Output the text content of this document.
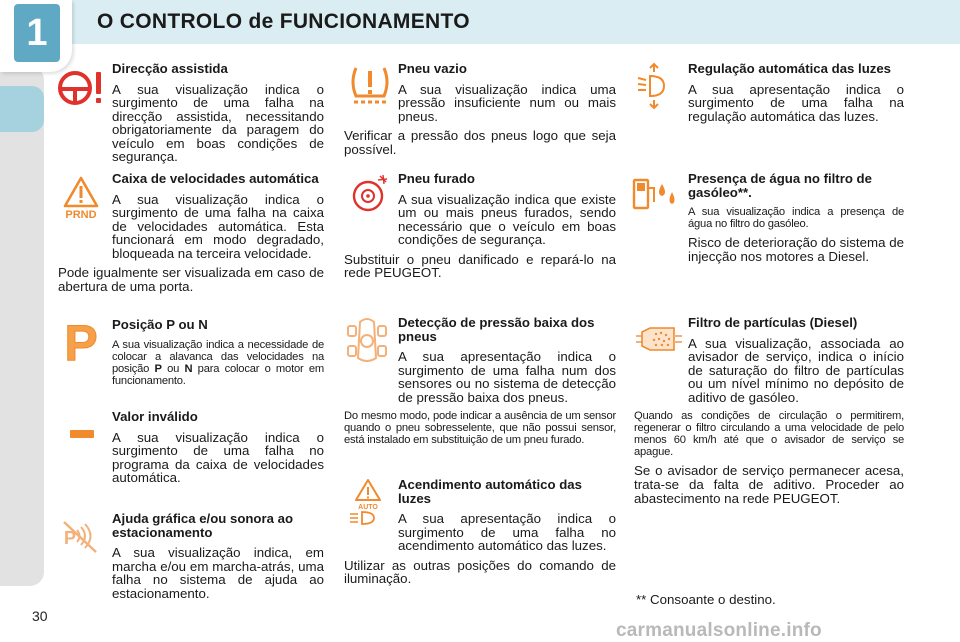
1	O CONTROLO de FUNCIONAMENTO
Direcção assistida

A sua visualização indica o surgimento de uma falha na direcção assistida, necessitando obrigatoriamente da paragem do veículo em boas condições de segurança.

PRND
Caixa de velocidades automática

A sua visualização indica o surgimento de uma falha na caixa de velocidades automática. Esta funcionará em modo degradado, bloqueada na terceira velocidade.

Pode igualmente ser visualizada em caso de abertura de uma porta.

P	Posição P ou N

A sua visualização indica a necessidade de colocar a alavanca das velocidades na posição P ou N para colocar o motor em funcionamento.

Valor inválido

A sua visualização indica o surgimento de uma falha no programa da caixa de velocidades automática.

P
Ajuda gráfica e/ou sonora ao estacionamento

A sua visualização indica, em marcha e/ou em marcha-atrás, uma falha no sistema de ajuda ao estacionamento.

Pneu vazio

A sua visualização indica uma pressão insuficiente num ou mais pneus.

Verificar a pressão dos pneus logo que seja possível.

Pneu furado

A sua visualização indica que existe um ou mais pneus furados, sendo necessário que o veículo em boas condições de segurança.

Substituir o pneu danificado e repará-lo na rede PEUGEOT.

Detecção de pressão baixa dos pneus

A sua apresentação indica o surgimento de uma falha num dos sensores ou no sistema de detecção de pressão baixa dos pneus.

Do mesmo modo, pode indicar a ausência de um sensor quando o pneu sobresselente, que não possui sensor, está instalado em substituição de um pneu furado.

AUTO
Acendimento automático das luzes

A sua apresentação indica o surgimento de uma falha no acendimento automático das luzes.

Utilizar as outras posições do comando de iluminação.

Regulação automática das luzes

A sua apresentação indica o surgimento de uma falha na regulação automática das luzes.

Presença de água no filtro de gasóleo**.

A sua visualização indica a presença de água no filtro do gasóleo.

Risco de deterioração do sistema de injecção nos motores a Diesel.

Filtro de partículas (Diesel)

A sua visualização, associada ao avisador de serviço, indica o início de saturação do filtro de partículas ou um nível mínimo no depósito de aditivo de gasóleo.

Quando as condições de circulação o permitirem, regenerar o filtro circulando a uma velocidade de pelo menos 60 km/h até que o avisador de serviço se apague.

Se o avisador de serviço permanecer acesa, trata-se da falta de aditivo. Proceder ao abastecimento na rede PEUGEOT.

** Consoante o destino.
30
carmanualsonline.info
